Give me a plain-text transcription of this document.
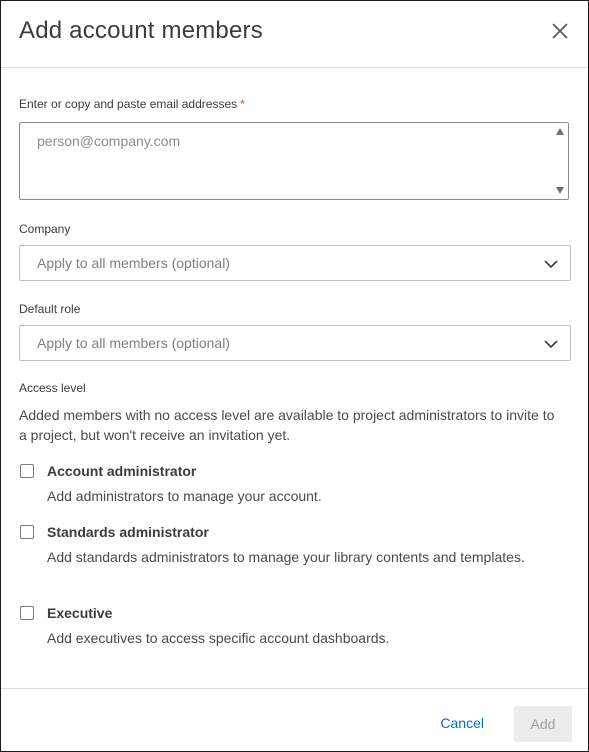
Add account members
Enter or copy and paste email addresses *
person@company.com
Company
Apply to all members (optional)
Default role
Apply to all members (optional)
Access level
Added members with no access level are available to project administrators to invite to a project, but won't receive an invitation yet.
Account administrator
Add administrators to manage your account.
Standards administrator
Add standards administrators to manage your library contents and templates.
Executive
Add executives to access specific account dashboards.
Cancel	Add
